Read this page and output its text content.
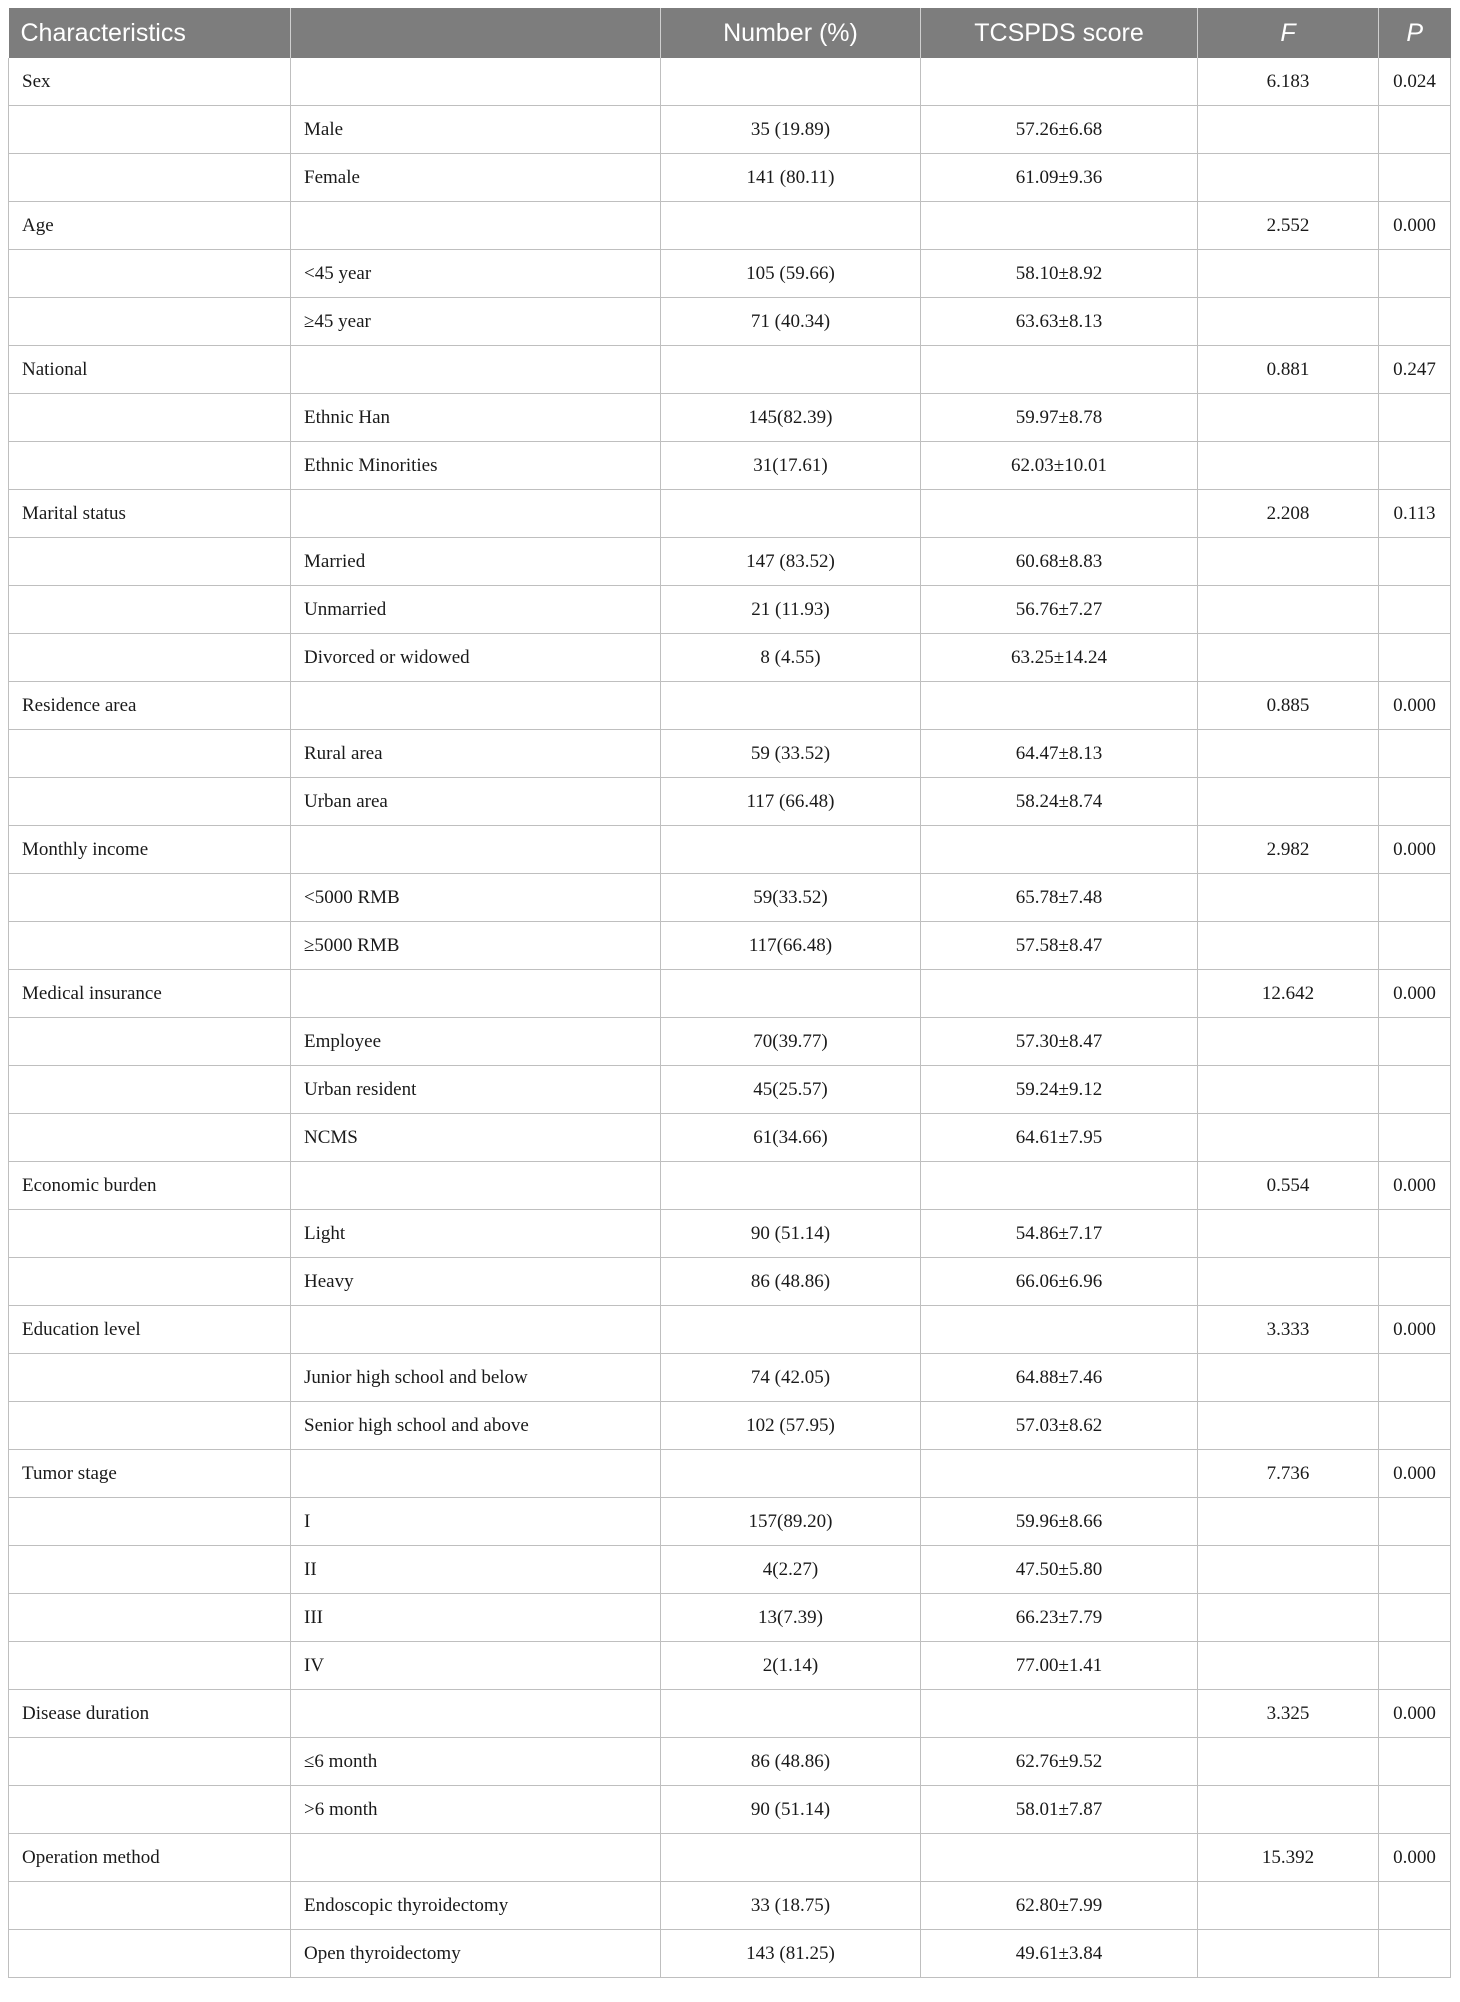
Characteristics		Number (%)	TCSPDS score	F	P
Sex				6.183	0.024
	Male	35 (19.89)	57.26±6.68		
	Female	141 (80.11)	61.09±9.36		
Age				2.552	0.000
	<45 year	105 (59.66)	58.10±8.92		
	≥45 year	71 (40.34)	63.63±8.13		
National				0.881	0.247
	Ethnic Han	145(82.39)	59.97±8.78		
	Ethnic Minorities	31(17.61)	62.03±10.01		
Marital status				2.208	0.113
	Married	147 (83.52)	60.68±8.83		
	Unmarried	21 (11.93)	56.76±7.27		
	Divorced or widowed	8 (4.55)	63.25±14.24		
Residence area				0.885	0.000
	Rural area	59 (33.52)	64.47±8.13		
	Urban area	117 (66.48)	58.24±8.74		
Monthly income				2.982	0.000
	<5000 RMB	59(33.52)	65.78±7.48		
	≥5000 RMB	117(66.48)	57.58±8.47		
Medical insurance				12.642	0.000
	Employee	70(39.77)	57.30±8.47		
	Urban resident	45(25.57)	59.24±9.12		
	NCMS	61(34.66)	64.61±7.95		
Economic burden				0.554	0.000
	Light	90 (51.14)	54.86±7.17		
	Heavy	86 (48.86)	66.06±6.96		
Education level				3.333	0.000
	Junior high school and below	74 (42.05)	64.88±7.46		
	Senior high school and above	102 (57.95)	57.03±8.62		
Tumor stage				7.736	0.000
	I	157(89.20)	59.96±8.66		
	II	4(2.27)	47.50±5.80		
	III	13(7.39)	66.23±7.79		
	IV	2(1.14)	77.00±1.41		
Disease duration				3.325	0.000
	≤6 month	86 (48.86)	62.76±9.52		
	>6 month	90 (51.14)	58.01±7.87		
Operation method				15.392	0.000
	Endoscopic thyroidectomy	33 (18.75)	62.80±7.99		
	Open thyroidectomy	143 (81.25)	49.61±3.84		
